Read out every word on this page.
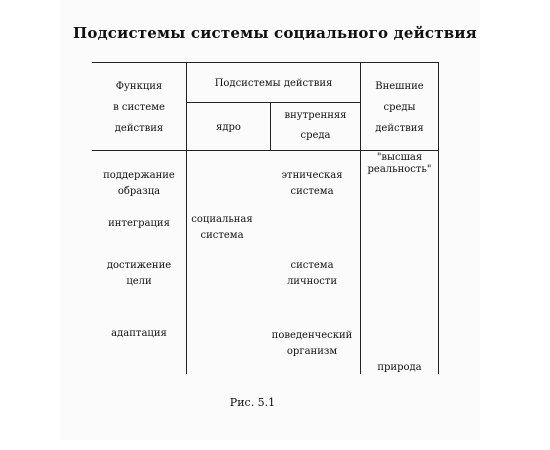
Подсистемы системы социального действия
Функция
в системе
действия
Подсистемы действия
ядро
внутренняя
среда
Внешние
среды
действия
поддержание
образца
интеграция
достижение
цели
адаптация
социальная
система
этническая
система
система
личности
поведенческий
организм
"высшая
реальность"
природа
Рис. 5.1
